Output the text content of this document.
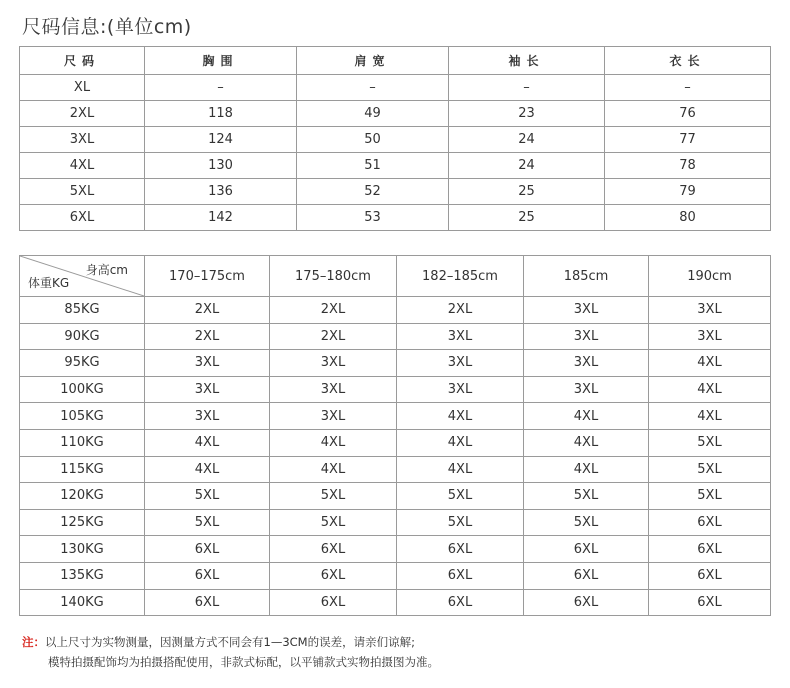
尺码信息:(单位cm)
尺码	胸围	肩宽	袖长	衣长
XL	–	–	–	–
2XL	118	49	23	76
3XL	124	50	24	77
4XL	130	51	24	78
5XL	136	52	25	79
6XL	142	53	25	80
身高cm
体重KG	170–175cm	175–180cm	182–185cm	185cm	190cm
85KG	2XL	2XL	2XL	3XL	3XL
90KG	2XL	2XL	3XL	3XL	3XL
95KG	3XL	3XL	3XL	3XL	4XL
100KG	3XL	3XL	3XL	3XL	4XL
105KG	3XL	3XL	4XL	4XL	4XL
110KG	4XL	4XL	4XL	4XL	5XL
115KG	4XL	4XL	4XL	4XL	5XL
120KG	5XL	5XL	5XL	5XL	5XL
125KG	5XL	5XL	5XL	5XL	6XL
130KG	6XL	6XL	6XL	6XL	6XL
135KG	6XL	6XL	6XL	6XL	6XL
140KG	6XL	6XL	6XL	6XL	6XL
注：以上尺寸为实物测量，因测量方式不同会有1—3CM的误差，请亲们谅解;
模特拍摄配饰均为拍摄搭配使用，非款式标配，以平铺款式实物拍摄图为准。
